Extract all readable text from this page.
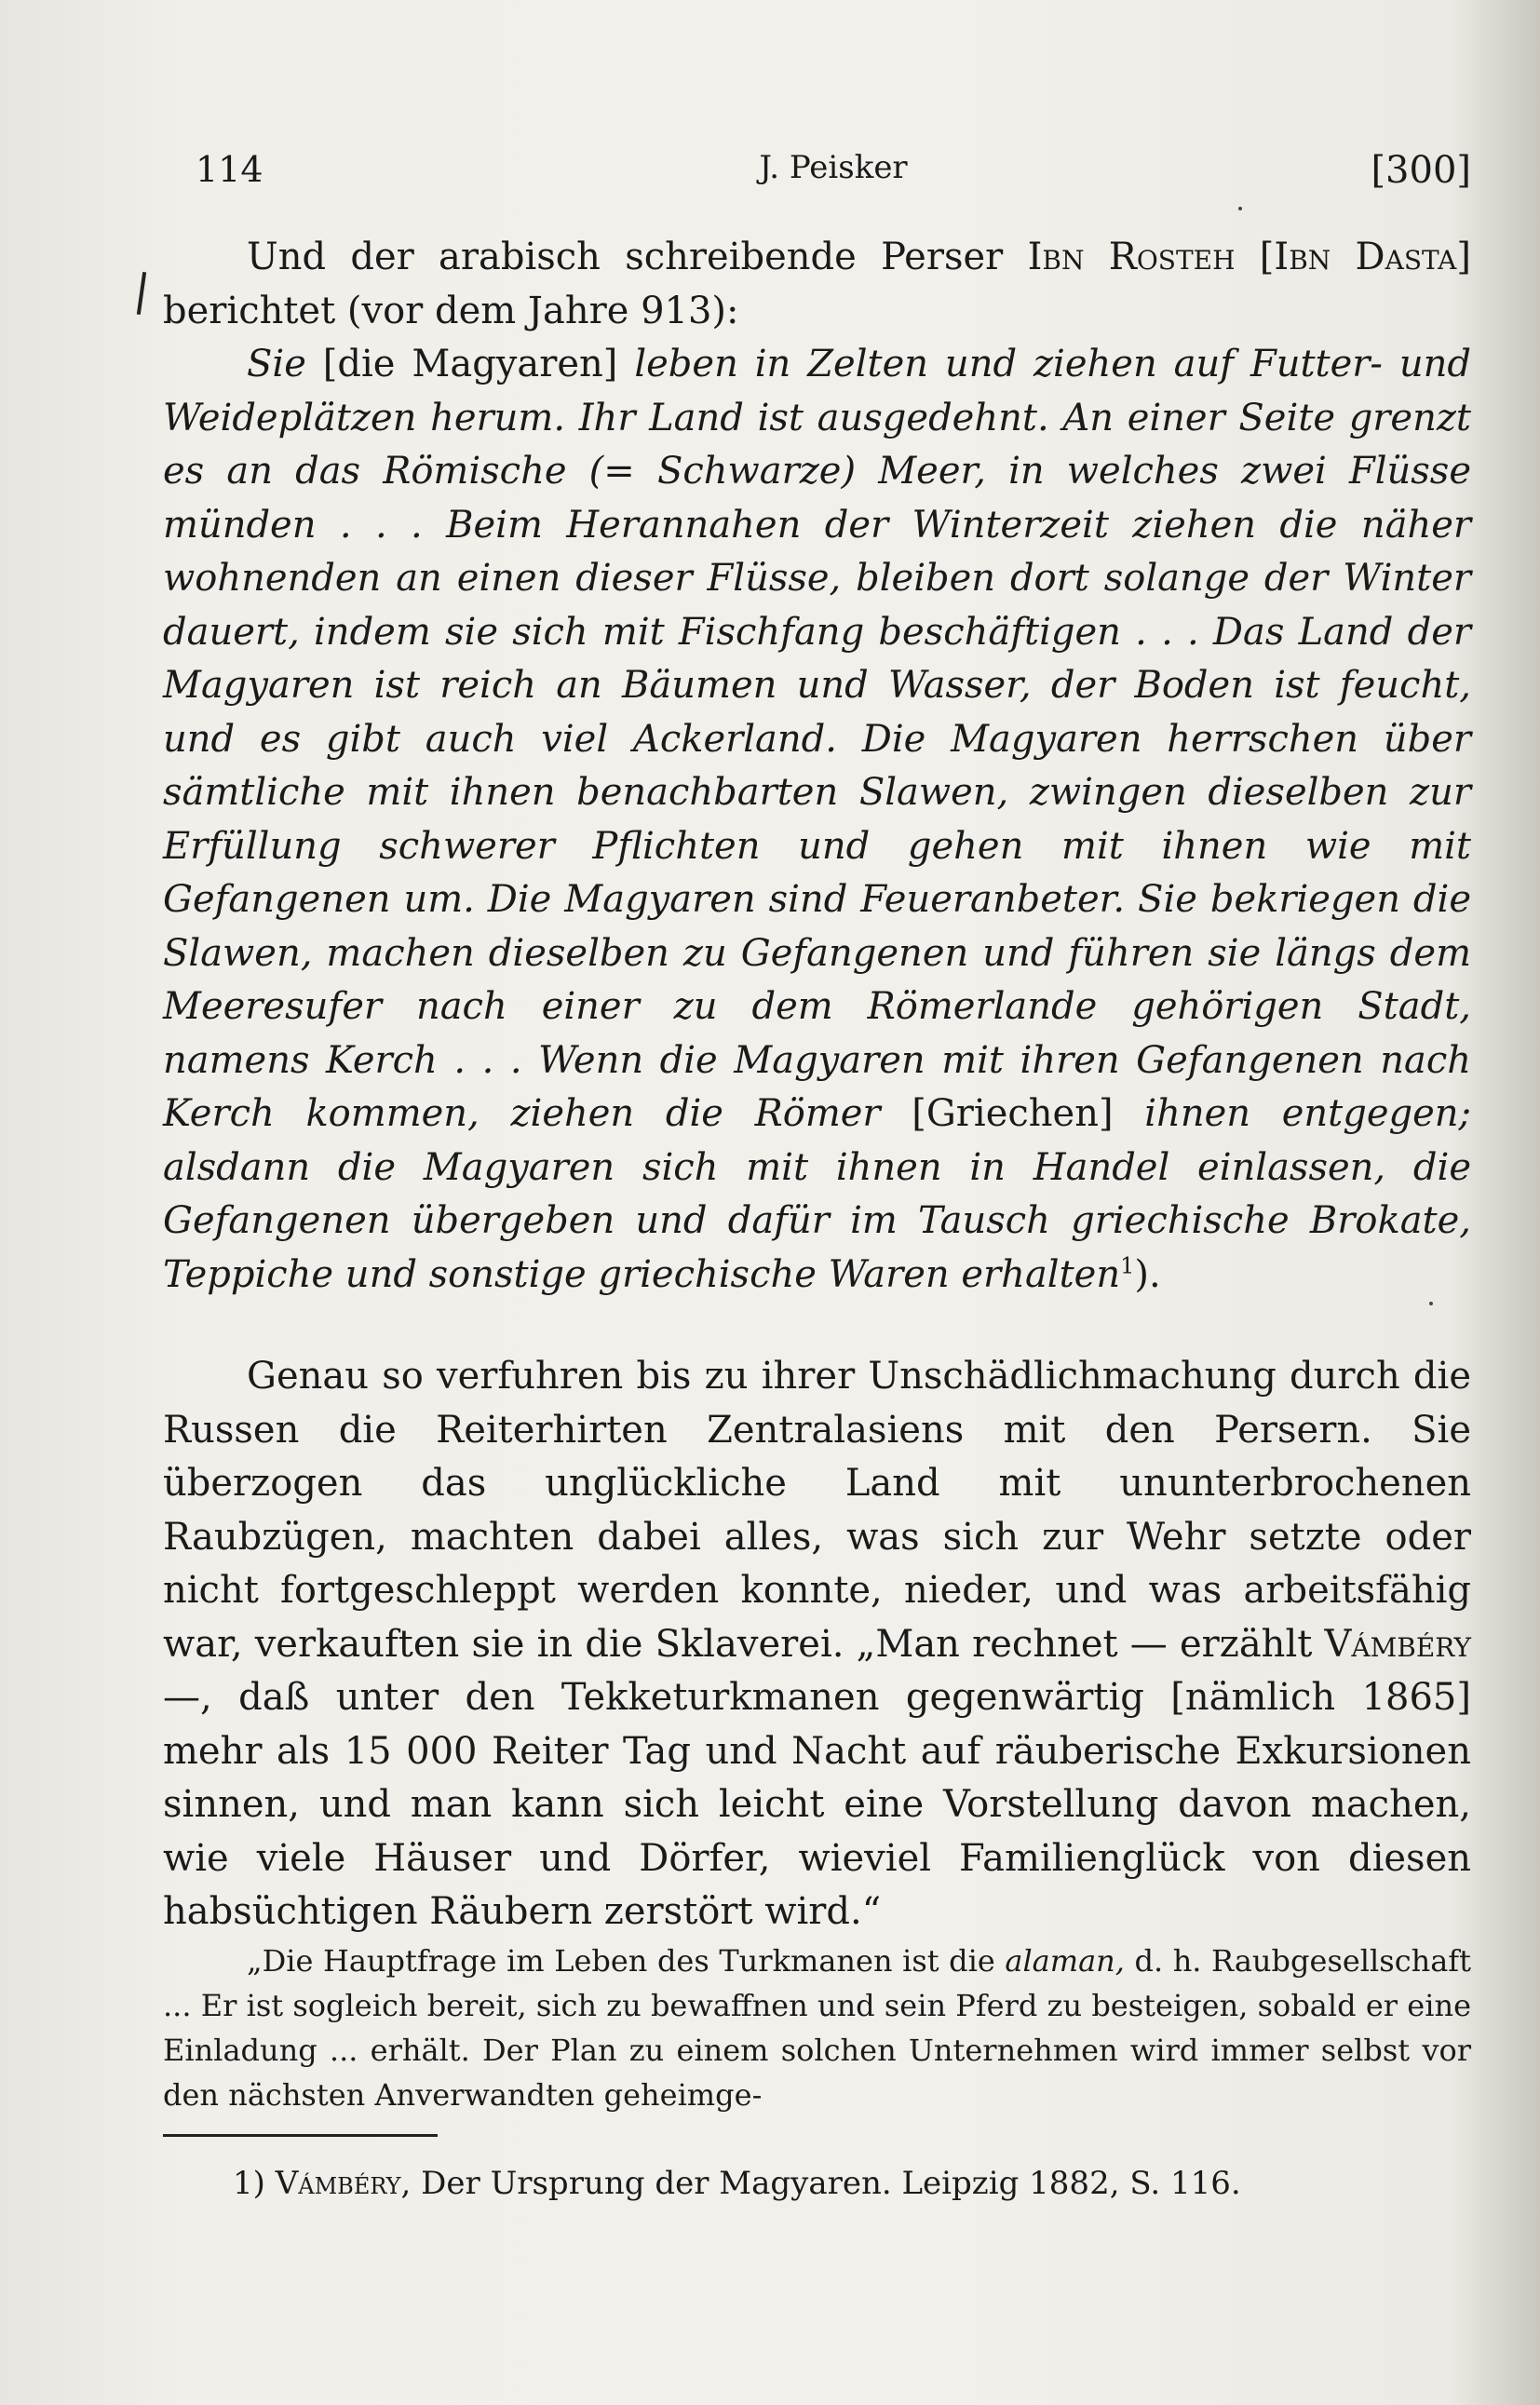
114	J. Peisker	[300]

Und der arabisch schreibende Perser Ibn Rosteh [Ibn Dasta] berichtet (vor dem Jahre 913):

Sie [die Magyaren] leben in Zelten und ziehen auf Futter- und Weideplätzen herum. Ihr Land ist ausgedehnt. An einer Seite grenzt es an das Römische (= Schwarze) Meer, in welches zwei Flüsse münden . . . Beim Herannahen der Winterzeit ziehen die näher wohnenden an einen dieser Flüsse, bleiben dort solange der Winter dauert, indem sie sich mit Fischfang beschäftigen . . . Das Land der Magyaren ist reich an Bäumen und Wasser, der Boden ist feucht, und es gibt auch viel Ackerland. Die Magyaren herrschen über sämtliche mit ihnen benachbarten Slawen, zwingen dieselben zur Erfüllung schwerer Pflichten und gehen mit ihnen wie mit Gefangenen um. Die Magyaren sind Feueranbeter. Sie bekriegen die Slawen, machen dieselben zu Gefangenen und führen sie längs dem Meeresufer nach einer zu dem Römerlande gehörigen Stadt, namens Kerch . . . Wenn die Magyaren mit ihren Gefangenen nach Kerch kommen, ziehen die Römer [Griechen] ihnen entgegen; alsdann die Magyaren sich mit ihnen in Handel einlassen, die Gefangenen übergeben und dafür im Tausch griechische Brokate, Teppiche und sonstige griechische Waren erhalten$^1$).

Genau so verfuhren bis zu ihrer Unschädlichmachung durch die Russen die Reiterhirten Zentralasiens mit den Persern. Sie überzogen das unglückliche Land mit ununterbrochenen Raubzügen, machten dabei alles, was sich zur Wehr setzte oder nicht fortgeschleppt werden konnte, nieder, und was arbeitsfähig war, verkauften sie in die Sklaverei. „Man rechnet — erzählt Vámbéry —, daß unter den Tekketurkmanen gegenwärtig [nämlich 1865] mehr als 15 000 Reiter Tag und Nacht auf räuberische Exkursionen sinnen, und man kann sich leicht eine Vorstellung davon machen, wie viele Häuser und Dörfer, wieviel Familienglück von diesen habsüchtigen Räubern zerstört wird.“

„Die Hauptfrage im Leben des Turkmanen ist die alaman, d. h. Raubgesellschaft ... Er ist sogleich bereit, sich zu bewaffnen und sein Pferd zu besteigen, sobald er eine Einladung ... erhält. Der Plan zu einem solchen Unternehmen wird immer selbst vor den nächsten Anverwandten geheimge-

1) Vámbéry, Der Ursprung der Magyaren. Leipzig 1882, S. 116.
